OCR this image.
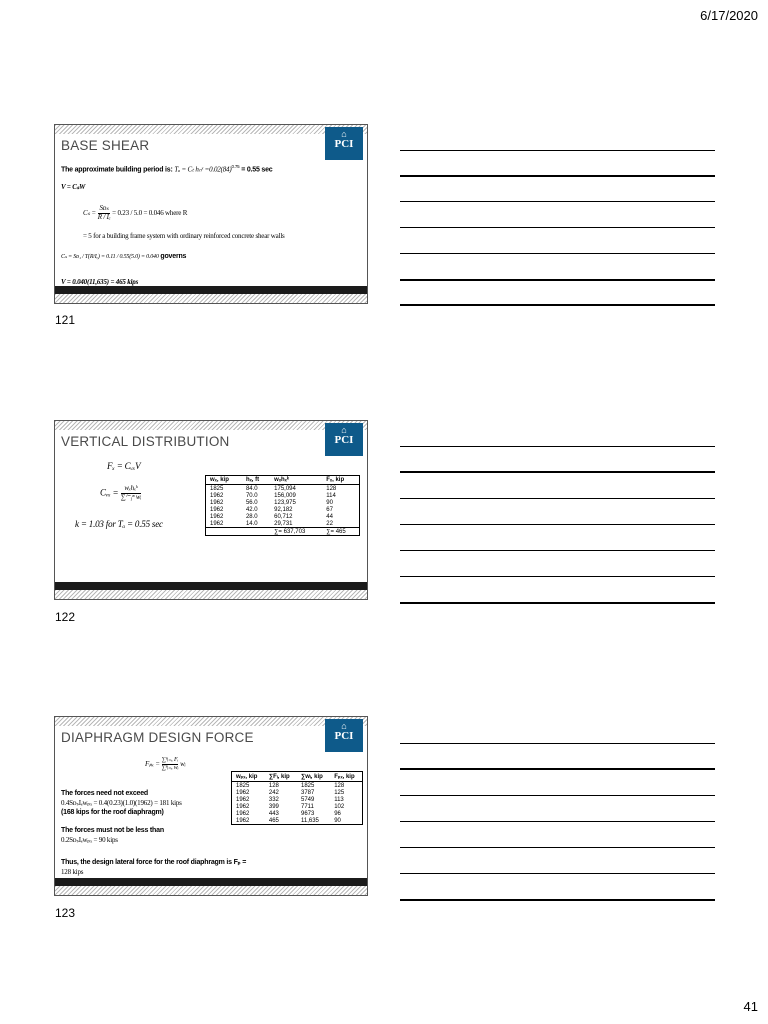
6/17/2020
⌂
PCI
BASE SHEAR
The approximate building period is: Tₐ = Cₜ hₙˣ $=0.02(84)^{0.75} = 0.55$ sec
V = CₛW
$C_s = \frac{\text{Sᴅₛ}}{\text{R / Iₑ}} = 0.23 / 5.0 = 0.046$ where R
= 5 for a building frame system with ordinary reinforced concrete shear walls
Cₛ = Sᴅ₁ / T(R/Iₑ) = 0.11 / 0.55(5.0) = 0.040 governs
V = 0.040(11,635) = 465 kips
121
⌂
PCI
VERTICAL DISTRIBUTION
Fₓ = CᵥₓV
Cᵥₓ = $\frac{\text{wₓhₓᵏ}}{\text{∑ⁱ⁼₁ⁿ wᵢ}}$
k = 1.03 for Tₐ = 0.55 sec
wₓ, kip	hₓ, ft	wₓhₓᵏ	Fₓ, kip
1825	84.0	175,094	128
1962	70.0	156,009	114
1962	56.0	123,975	90
1962	42.0	92,182	67
1962	28.0	60,712	44
1962	14.0	29,731	22
		∑= 637,703	∑= 465
122
⌂
PCI
DIAPHRAGM DESIGN FORCE
$F_{px} = \frac{\text{∑ⁿᵢ₌ₓ Fᵢ}}{\text{∑ⁿᵢ₌ₓ wᵢ}}$ wᵢ
The forces need not exceed
0.4SᴅₛIₑwₚₓ = 0.4(0.23)(1.0)(1962) = 181 kips
(168 kips for the roof diaphragm)
The forces must not be less than
0.2SᴅₛIₑwₚₓ = 90 kips
Thus, the design lateral force for the roof diaphragm is Fₚ =
128 kips
wₚₓ, kip	∑Fᵢ, kip	∑wᵢ, kip	Fₚₓ, kip
1825	128	1825	128
1962	242	3787	125
1962	332	5749	113
1962	399	7711	102
1962	443	9673	96
1962	465	11,635	90
123
41
